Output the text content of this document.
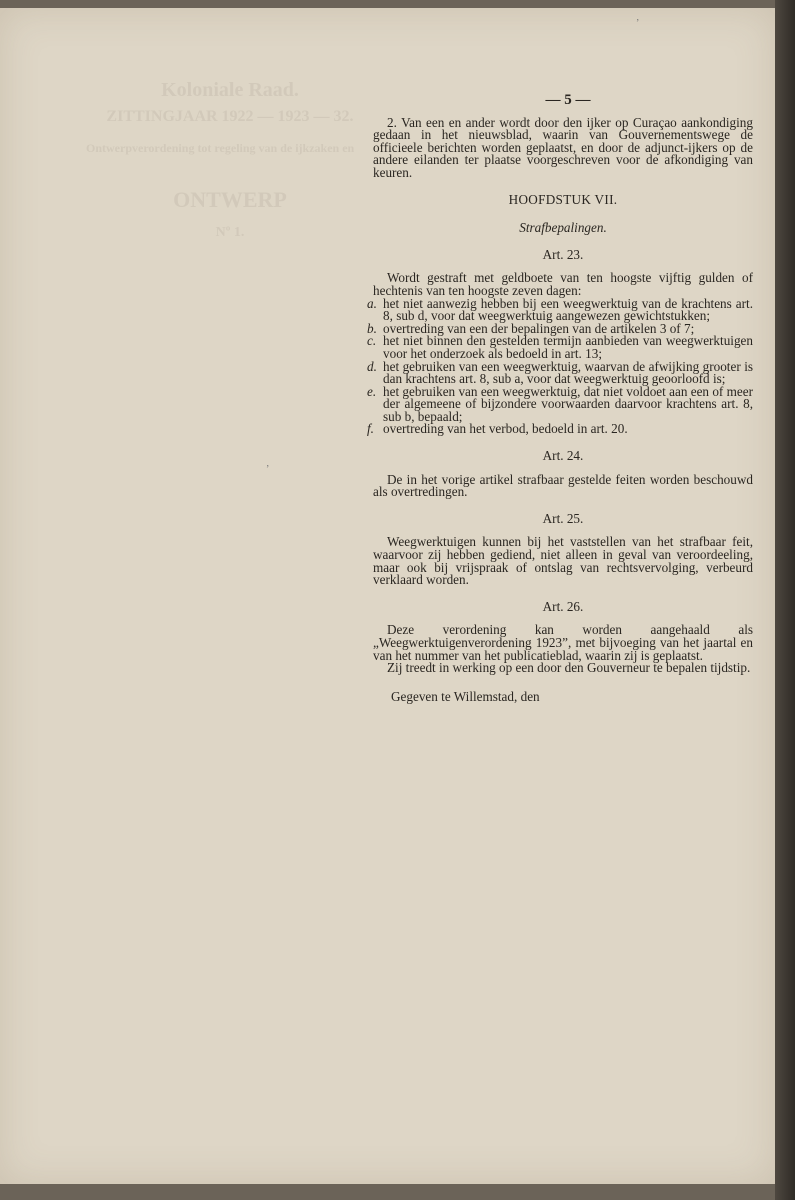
Koloniale Raad.
ZITTINGJAAR 1922 — 1923 — 32.
Ontwerpverordening tot regeling van de ijkzaken en
ONTWERP
Nº 1.

— 5 —

2. Van een en ander wordt door den ijker op Curaçao aankondiging gedaan in het nieuwsblad, waarin van Gouvernementswege de officieele berichten worden geplaatst, en door de adjunct-ijkers op de andere eilanden ter plaatse voorgeschreven voor de afkondiging van keuren.

HOOFDSTUK VII.

Strafbepalingen.

Art. 23.

Wordt gestraft met geldboete van ten hoogste vijftig gulden of hechtenis van ten hoogste zeven dagen:

a. het niet aanwezig hebben bij een weegwerktuig van de krachtens art. 8, sub d, voor dat weegwerktuig aangewezen gewichtstukken;
b. overtreding van een der bepalingen van de artikelen 3 of 7;
c. het niet binnen den gestelden termijn aanbieden van weegwerktuigen voor het onderzoek als bedoeld in art. 13;
d. het gebruiken van een weegwerktuig, waarvan de afwijking grooter is dan krachtens art. 8, sub a, voor dat weegwerktuig geoorloofd is;
e. het gebruiken van een weegwerktuig, dat niet voldoet aan een of meer der algemeene of bijzondere voorwaarden daarvoor krachtens art. 8, sub b, bepaald;
f. overtreding van het verbod, bedoeld in art. 20.

Art. 24.

De in het vorige artikel strafbaar gestelde feiten worden beschouwd als overtredingen.

Art. 25.

Weegwerktuigen kunnen bij het vaststellen van het strafbaar feit, waarvoor zij hebben gediend, niet alleen in geval van veroordeeling, maar ook bij vrijspraak of ontslag van rechtsvervolging, verbeurd verklaard worden.

Art. 26.

Deze verordening kan worden aangehaald als „Weegwerktuigenverordening 1923”, met bijvoeging van het jaartal en van het nummer van het publicatieblad, waarin zij is geplaatst.

Zij treedt in werking op een door den Gouverneur te bepalen tijdstip.

Gegeven te Willemstad, den

ʼ
ʼ
